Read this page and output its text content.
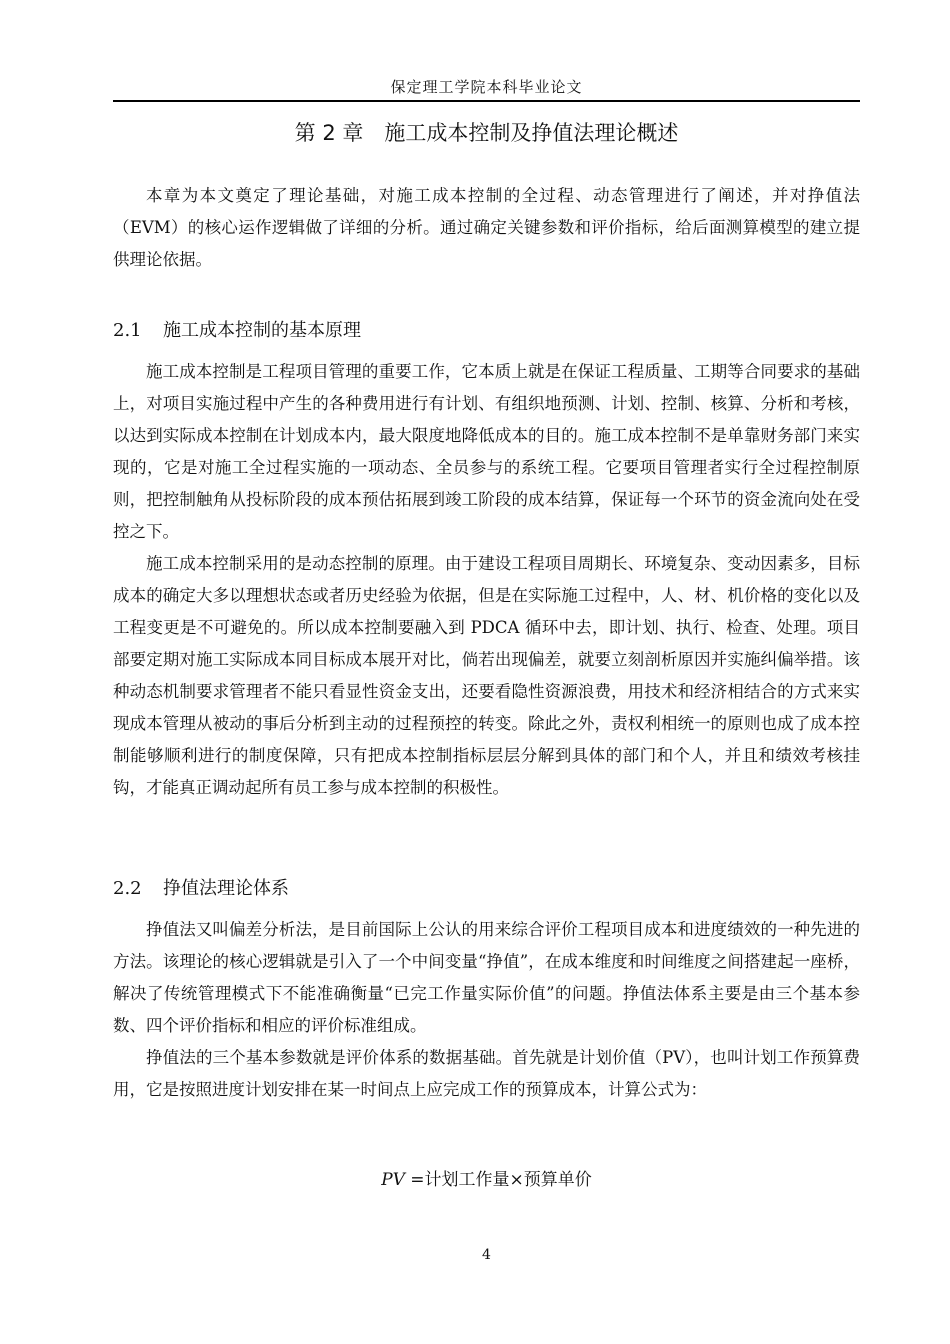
保定理工学院本科毕业论文
第 2 章　施工成本控制及挣值法理论概述

本章为本文奠定了理论基础，对施工成本控制的全过程、动态管理进行了阐述，并对挣值法（EVM）的核心运作逻辑做了详细的分析。通过确定关键参数和评价指标，给后面测算模型的建立提供理论依据。

2.1 施工成本控制的基本原理

施工成本控制是工程项目管理的重要工作，它本质上就是在保证工程质量、工期等合同要求的基础上，对项目实施过程中产生的各种费用进行有计划、有组织地预测、计划、控制、核算、分析和考核，以达到实际成本控制在计划成本内，最大限度地降低成本的目的。施工成本控制不是单靠财务部门来实现的，它是对施工全过程实施的一项动态、全员参与的系统工程。它要项目管理者实行全过程控制原则，把控制触角从投标阶段的成本预估拓展到竣工阶段的成本结算，保证每一个环节的资金流向处在受控之下。

施工成本控制采用的是动态控制的原理。由于建设工程项目周期长、环境复杂、变动因素多，目标成本的确定大多以理想状态或者历史经验为依据，但是在实际施工过程中，人、材、机价格的变化以及工程变更是不可避免的。所以成本控制要融入到 PDCA 循环中去，即计划、执行、检查、处理。项目部要定期对施工实际成本同目标成本展开对比，倘若出现偏差，就要立刻剖析原因并实施纠偏举措。该种动态机制要求管理者不能只看显性资金支出，还要看隐性资源浪费，用技术和经济相结合的方式来实现成本管理从被动的事后分析到主动的过程预控的转变。除此之外，责权利相统一的原则也成了成本控制能够顺利进行的制度保障，只有把成本控制指标层层分解到具体的部门和个人，并且和绩效考核挂钩，才能真正调动起所有员工参与成本控制的积极性。

2.2 挣值法理论体系

挣值法又叫偏差分析法，是目前国际上公认的用来综合评价工程项目成本和进度绩效的一种先进的方法。该理论的核心逻辑就是引入了一个中间变量“挣值”，在成本维度和时间维度之间搭建起一座桥，解决了传统管理模式下不能准确衡量“已完工作量实际价值”的问题。挣值法体系主要是由三个基本参数、四个评价指标和相应的评价标准组成。

挣值法的三个基本参数就是评价体系的数据基础。首先就是计划价值（PV），也叫计划工作预算费用，它是按照进度计划安排在某一时间点上应完成工作的预算成本，计算公式为：

PV =计划工作量×预算单价
4
